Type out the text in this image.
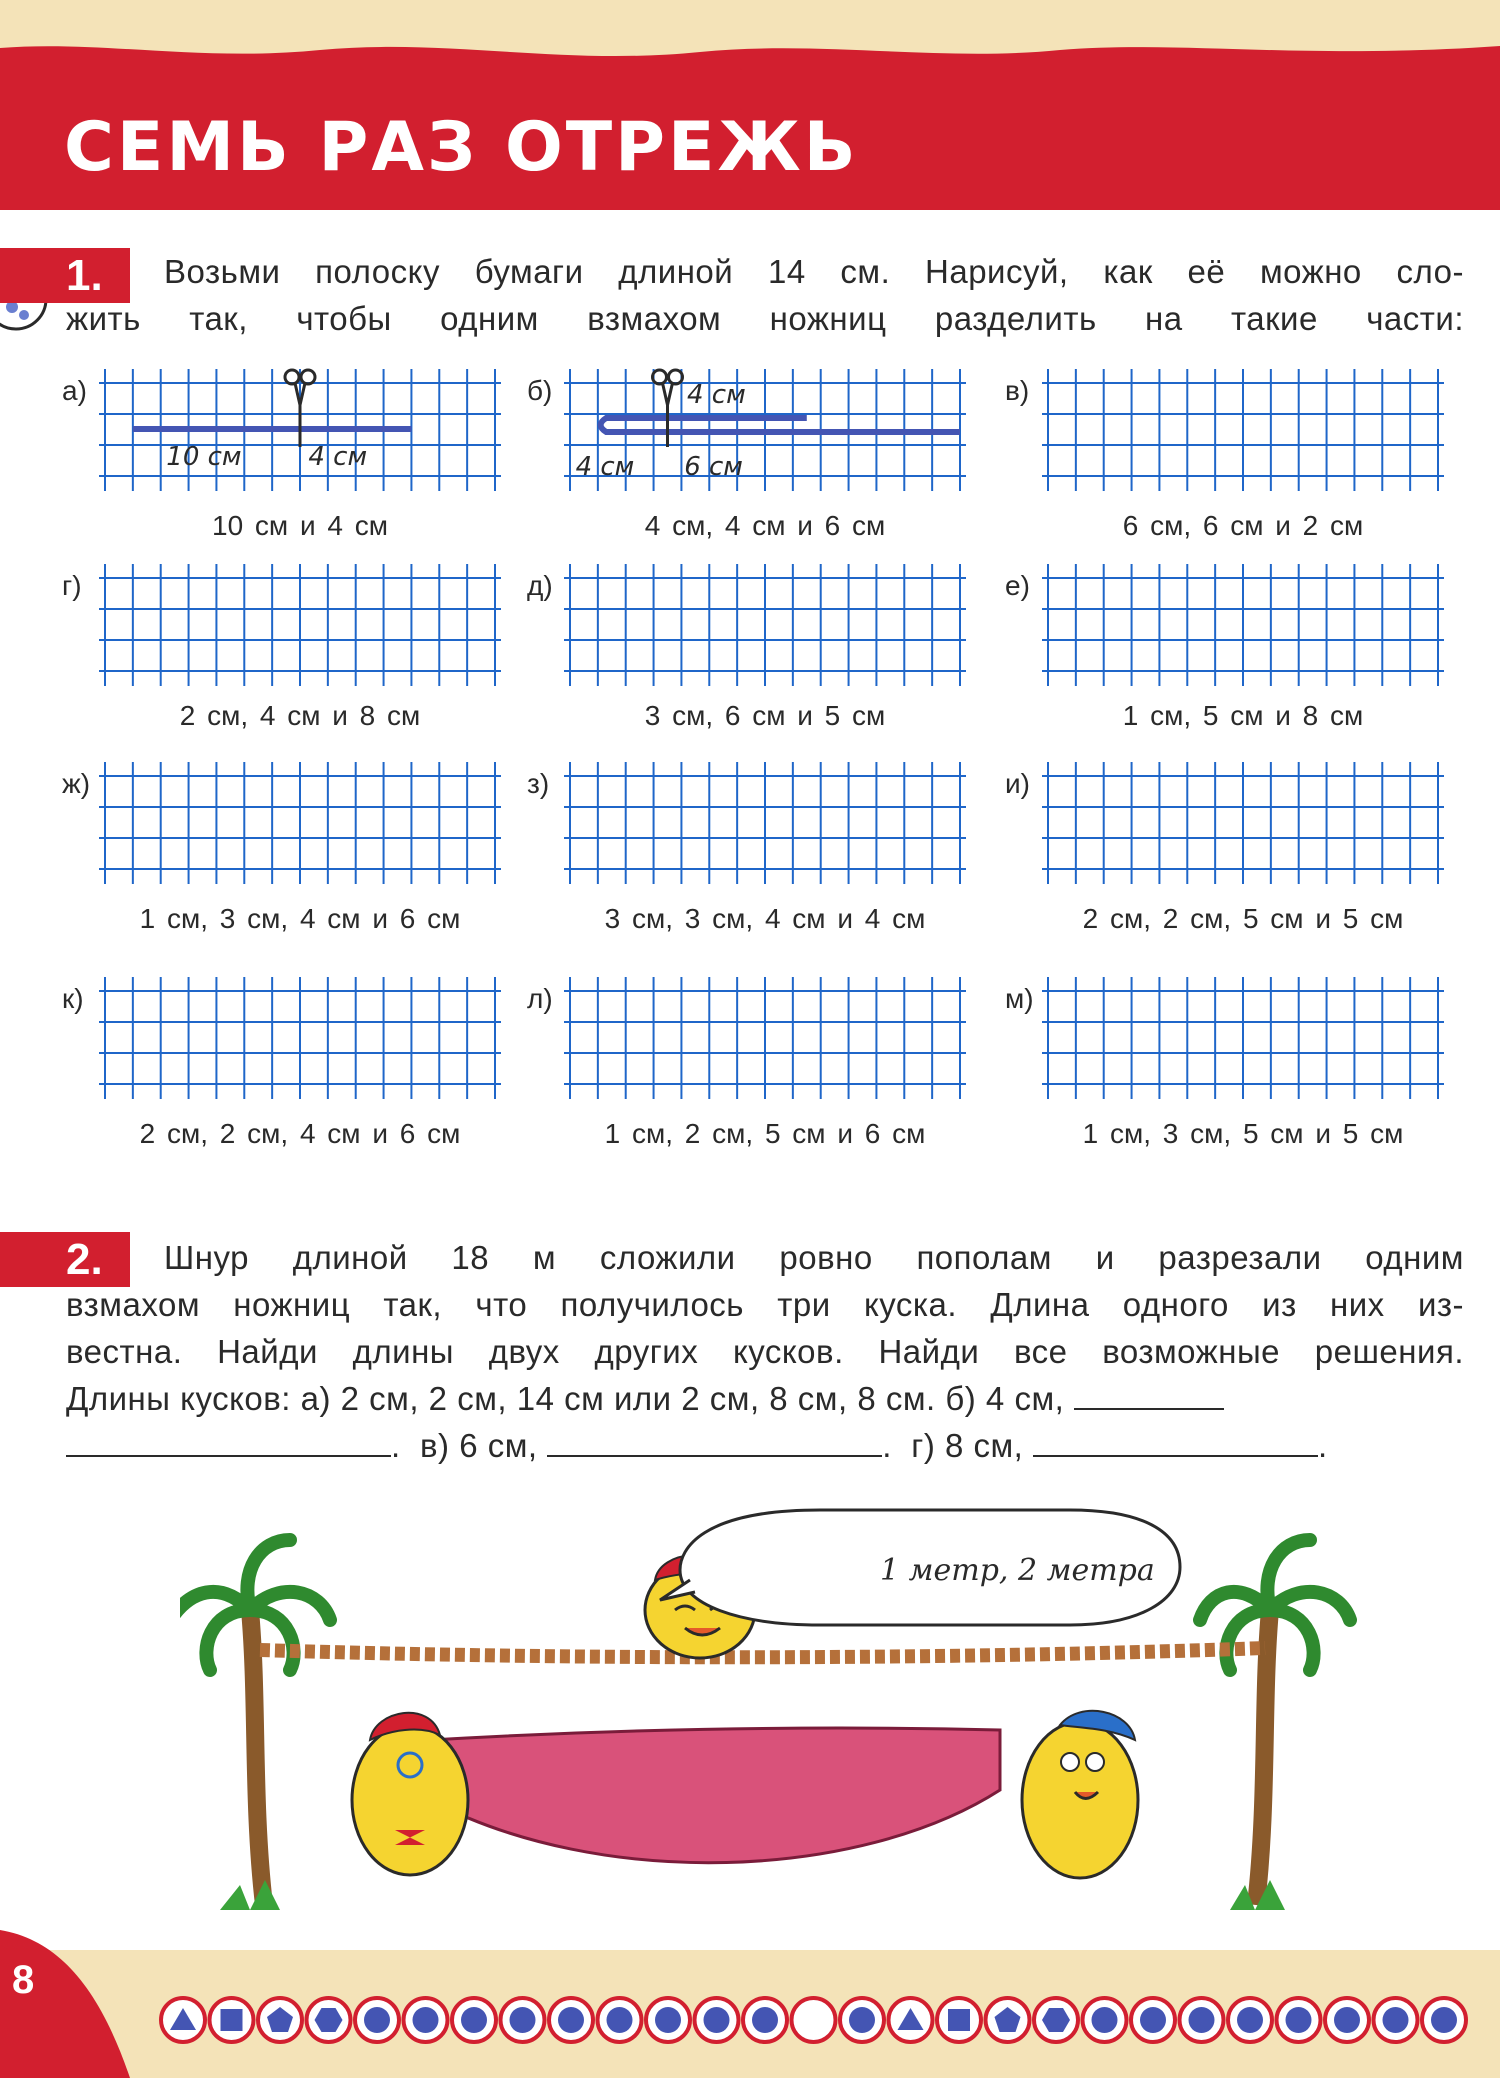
СЕМЬ РАЗ ОТРЕЖЬ
1.	Возьми полоску бумаги длиной 14 см. Нарисуй, как её можно сло-
жить так, чтобы одним взмахом ножниц разделить на такие части:
а)
10 см	4 см
10 см и 4 см
б)	4 см
4 см 6 см
4 см, 4 см и 6 см
в)
6 см, 6 см и 2 см
г)
2 см, 4 см и 8 см
д)
3 см, 6 см и 5 см
е)
1 см, 5 см и 8 см
ж)
1 см, 3 см, 4 см и 6 см
з)
3 см, 3 см, 4 см и 4 см
и)
2 см, 2 см, 5 см и 5 см
к)
2 см, 2 см, 4 см и 6 см
л)
1 см, 2 см, 5 см и 6 см
м)
1 см, 3 см, 5 см и 5 см
2.	Шнур длиной 18 м сложили ровно пополам и разрезали одним
взмахом ножниц так, что получилось три куска. Длина одного из них из-
вестна. Найди длины двух других кусков. Найди все возможные решения.
Длины кусков: а) 2 см, 2 см, 14 см или 2 см, 8 см, 8 см. б) 4 см,
.  в) 6 см,	.  г) 8 см,	.
1 метр, 2 метра
8
